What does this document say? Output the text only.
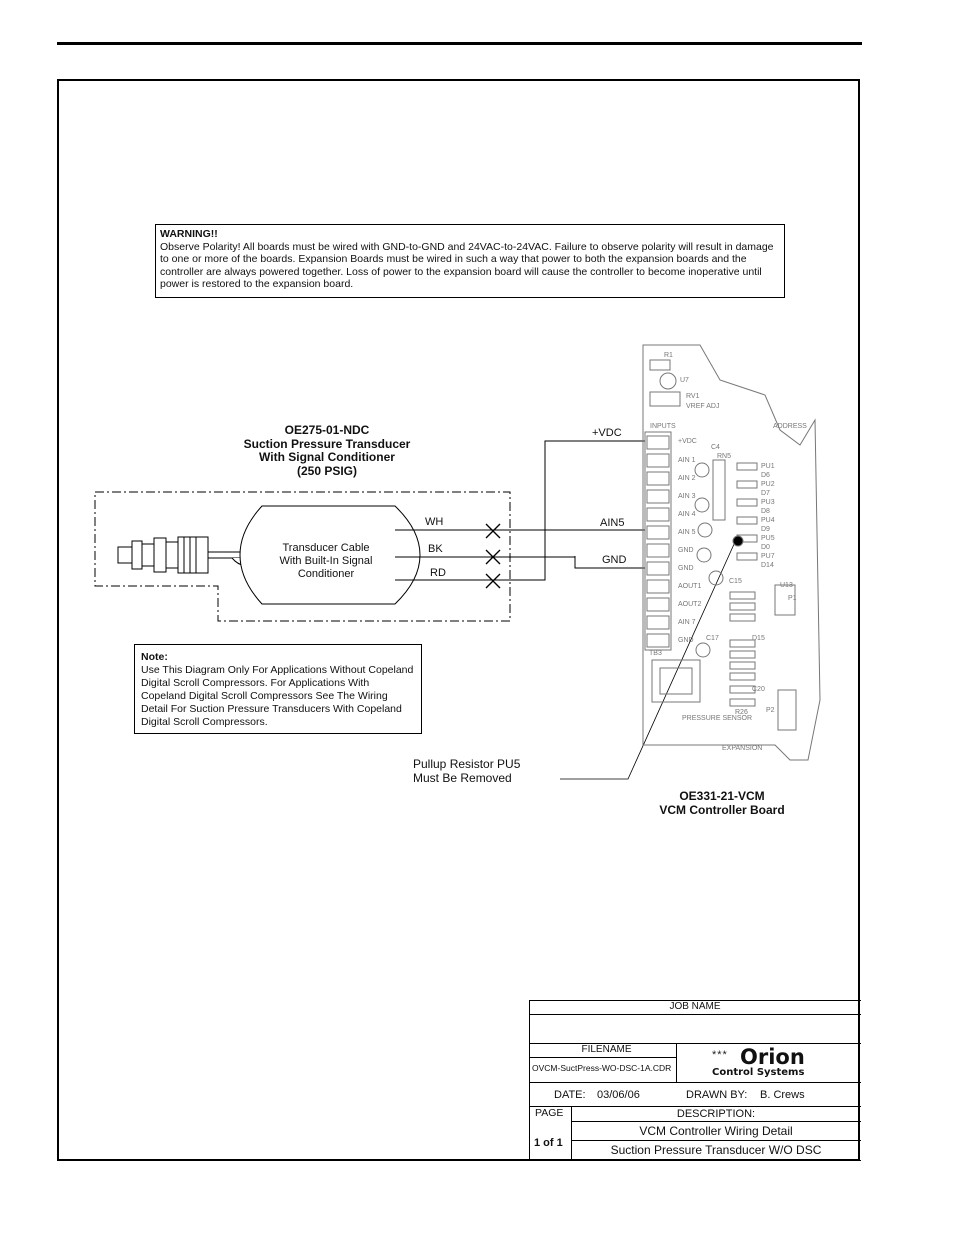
WARNING!!
Observe Polarity! All boards must be wired with GND-to-GND and 24VAC-to-24VAC. Failure to observe polarity will result in damage to one or more of the boards. Expansion Boards must be wired in such a way that power to both the expansion boards and the controller are always powered together. Loss of power to the expansion board will cause the controller to become inoperative until power is restored to the expansion board.
OE275-01-NDC
Suction Pressure Transducer
With Signal Conditioner
(250 PSIG)
R1
U7
RV1
VREF ADJ
INPUTS	ADDRESS
+VDC
AIN 1
AIN 2
AIN 3
AIN 4
AIN 5
GND
GND
AOUT1
AOUT2
AIN 7
GND
PU1
D6
PU2
D7
PU3
D8
PU4
D9
PU5
D0
PU7
D14
RN5
C4
C15
U13
C17	D15
TB3
C20
R26
PRESSURE SENSOR
EXPANSION
P2
P1
Transducer Cable
With Built-In Signal
Conditioner
WH
BK
RD
+VDC
AIN5
GND
Note:
Use This Diagram Only For Applications Without Copeland Digital Scroll Compressors. For Applications With Copeland Digital Scroll Compressors See The Wiring Detail For Suction Pressure Transducers With Copeland Digital Scroll Compressors.
Pullup Resistor PU5
Must Be Removed
OE331-21-VCM
VCM Controller Board
JOB NAME
FILENAME
OVCM-SuctPress-WO-DSC-1A.CDR
*** Orion
Control Systems
DATE: 03/06/06	DRAWN BY: B. Crews
PAGE
1 of 1
DESCRIPTION:
VCM Controller Wiring Detail
Suction Pressure Transducer W/O DSC
